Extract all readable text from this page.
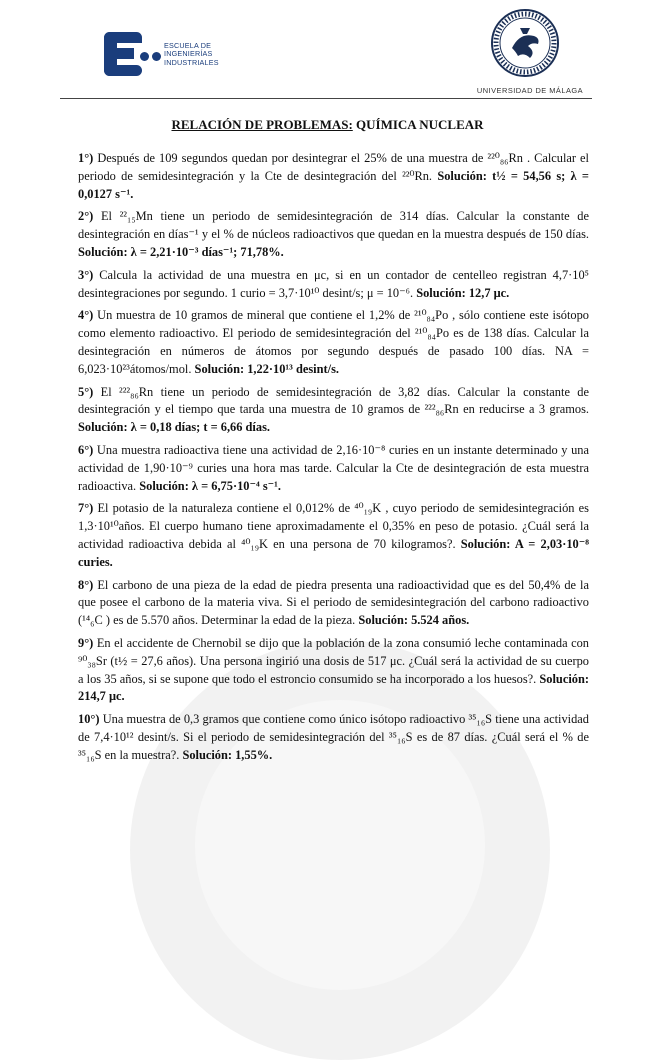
ESCUELA DE
INGENIERÍAS
INDUSTRIALES
UNIVERSIDAD DE MÁLAGA
RELACIÓN DE PROBLEMAS: QUÍMICA NUCLEAR
1°) Después de 109 segundos quedan por desintegrar el 25% de una muestra de ²²⁰₈₆Rn . Calcular el periodo de semidesintegración y la Cte de desintegración del ²²⁰Rn. Solución: t½ = 54,56 s; λ = 0,0127 s⁻¹.
2°) El ²²₁₅Mn tiene un periodo de semidesintegración de 314 días. Calcular la constante de desintegración en días⁻¹ y el % de núcleos radioactivos que quedan en la muestra después de 150 días. Solución: λ = 2,21·10⁻³ días⁻¹; 71,78%.
3°) Calcula la actividad de una muestra en μc, si en un contador de centelleo registran 4,7·10⁵ desintegraciones por segundo. 1 curio = 3,7·10¹⁰ desint/s; μ = 10⁻⁶. Solución: 12,7 μc.
4°) Un muestra de 10 gramos de mineral que contiene el 1,2% de ²¹⁰₈₄Po , sólo contiene este isótopo como elemento radioactivo. El periodo de semidesintegración del ²¹⁰₈₄Po es de 138 días. Calcular la desintegración en números de átomos por segundo después de pasado 100 días. NA = 6,023·10²³átomos/mol. Solución: 1,22·10¹³ desint/s.
5°) El ²²²₈₆Rn tiene un periodo de semidesintegración de 3,82 días. Calcular la constante de desintegración y el tiempo que tarda una muestra de 10 gramos de ²²²₈₆Rn en reducirse a 3 gramos. Solución: λ = 0,18 días; t = 6,66 días.
6°) Una muestra radioactiva tiene una actividad de 2,16·10⁻⁸ curies en un instante determinado y una actividad de 1,90·10⁻⁹ curies una hora mas tarde. Calcular la Cte de desintegración de esta muestra radioactiva. Solución: λ = 6,75·10⁻⁴ s⁻¹.
7°) El potasio de la naturaleza contiene el 0,012% de ⁴⁰₁₉K , cuyo periodo de semidesintegración es 1,3·10¹⁰años. El cuerpo humano tiene aproximadamente el 0,35% en peso de potasio. ¿Cuál será la actividad radioactiva debida al ⁴⁰₁₉K en una persona de 70 kilogramos?. Solución: A = 2,03·10⁻⁸ curies.
8°) El carbono de una pieza de la edad de piedra presenta una radioactividad que es del 50,4% de la que posee el carbono de la materia viva. Si el periodo de semidesintegración del carbono radioactivo (¹⁴₆C ) es de 5.570 años. Determinar la edad de la pieza. Solución: 5.524 años.
9°) En el accidente de Chernobil se dijo que la población de la zona consumió leche contaminada con ⁹⁰₃₈Sr (t½ = 27,6 años). Una persona ingirió una dosis de 517 μc. ¿Cuál será la actividad de su cuerpo a los 35 años, si se supone que todo el estroncio consumido se ha incorporado a los huesos?. Solución: 214,7 μc.
10°) Una muestra de 0,3 gramos que contiene como único isótopo radioactivo ³⁵₁₆S tiene una actividad de 7,4·10¹² desint/s. Si el periodo de semidesintegración del ³⁵₁₆S es de 87 días. ¿Cuál será el % de ³⁵₁₆S en la muestra?. Solución: 1,55%.
